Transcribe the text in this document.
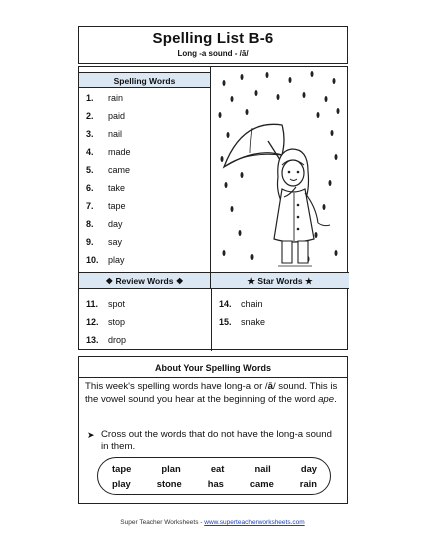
Spelling List B-6
Long -a sound - /ā/
Spelling Words
1.	rain
2.	paid
3.	nail
4.	made
5.	came
6.	take
7.	tape
8.	day
9.	say
10.	play
❖ Review Words ❖	★ Star Words ★
11.	spot
12.	stop
13.	drop
14.	chain
15.	snake
About Your Spelling Words
This week's spelling words have long-a or /ā/ sound. This is the vowel sound you hear at the beginning of the word ape.
➤ Cross out the words that do not have the long-a sound in them.
tape	plan	eat	nail	day
play	stone	has	came	rain
Super Teacher Worksheets - www.superteacherworksheets.com
